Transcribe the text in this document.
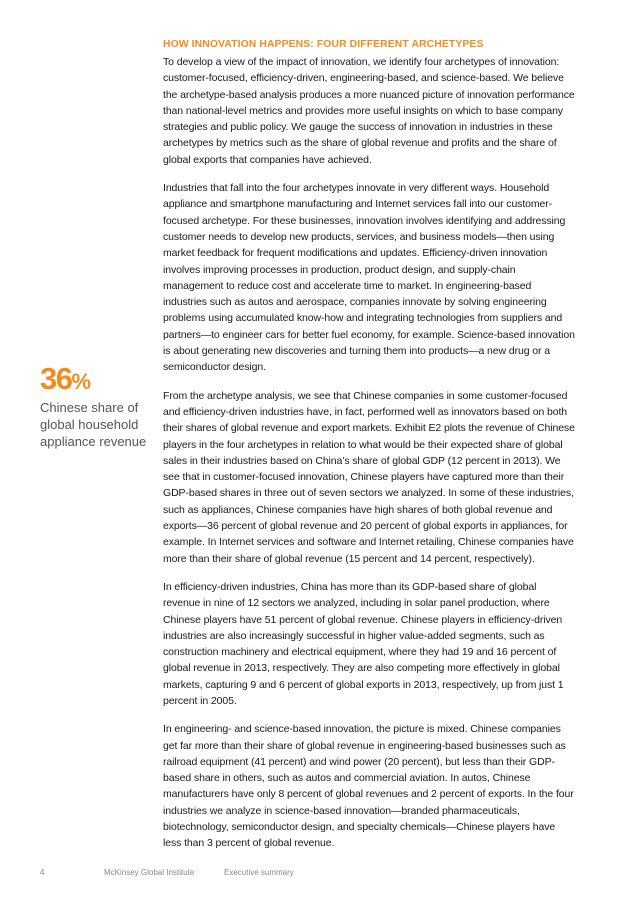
36%
Chinese share of global household appliance revenue
HOW INNOVATION HAPPENS: FOUR DIFFERENT ARCHETYPES

To develop a view of the impact of innovation, we identify four archetypes of innovation: customer-focused, efficiency-driven, engineering-based, and science-based. We believe the archetype-based analysis produces a more nuanced picture of innovation performance than national-level metrics and provides more useful insights on which to base company strategies and public policy. We gauge the success of innovation in industries in these archetypes by metrics such as the share of global revenue and profits and the share of global exports that companies have achieved.

Industries that fall into the four archetypes innovate in very different ways. Household appliance and smartphone manufacturing and Internet services fall into our customer-focused archetype. For these businesses, innovation involves identifying and addressing customer needs to develop new products, services, and business models—then using market feedback for frequent modifications and updates. Efficiency-driven innovation involves improving processes in production, product design, and supply-chain management to reduce cost and accelerate time to market. In engineering-based industries such as autos and aerospace, companies innovate by solving engineering problems using accumulated know-how and integrating technologies from suppliers and partners—to engineer cars for better fuel economy, for example. Science-based innovation is about generating new discoveries and turning them into products—a new drug or a semiconductor design.

From the archetype analysis, we see that Chinese companies in some customer-focused and efficiency-driven industries have, in fact, performed well as innovators based on both their shares of global revenue and export markets. Exhibit E2 plots the revenue of Chinese players in the four archetypes in relation to what would be their expected share of global sales in their industries based on China’s share of global GDP (12 percent in 2013). We see that in customer-focused innovation, Chinese players have captured more than their GDP-based shares in three out of seven sectors we analyzed. In some of these industries, such as appliances, Chinese companies have high shares of both global revenue and exports—36 percent of global revenue and 20 percent of global exports in appliances, for example. In Internet services and software and Internet retailing, Chinese companies have more than their share of global revenue (15 percent and 14 percent, respectively).

In efficiency-driven industries, China has more than its GDP-based share of global revenue in nine of 12 sectors we analyzed, including in solar panel production, where Chinese players have 51 percent of global revenue. Chinese players in efficiency-driven industries are also increasingly successful in higher value-added segments, such as construction machinery and electrical equipment, where they had 19 and 16 percent of global revenue in 2013, respectively. They are also competing more effectively in global markets, capturing 9 and 6 percent of global exports in 2013, respectively, up from just 1 percent in 2005.

In engineering- and science-based innovation, the picture is mixed. Chinese companies get far more than their share of global revenue in engineering-based businesses such as railroad equipment (41 percent) and wind power (20 percent), but less than their GDP-based share in others, such as autos and commercial aviation. In autos, Chinese manufacturers have only 8 percent of global revenues and 2 percent of exports. In the four industries we analyze in science-based innovation—branded pharmaceuticals, biotechnology, semiconductor design, and specialty chemicals—Chinese players have less than 3 percent of global revenue.

4	McKinsey Global Institute	Executive summary
